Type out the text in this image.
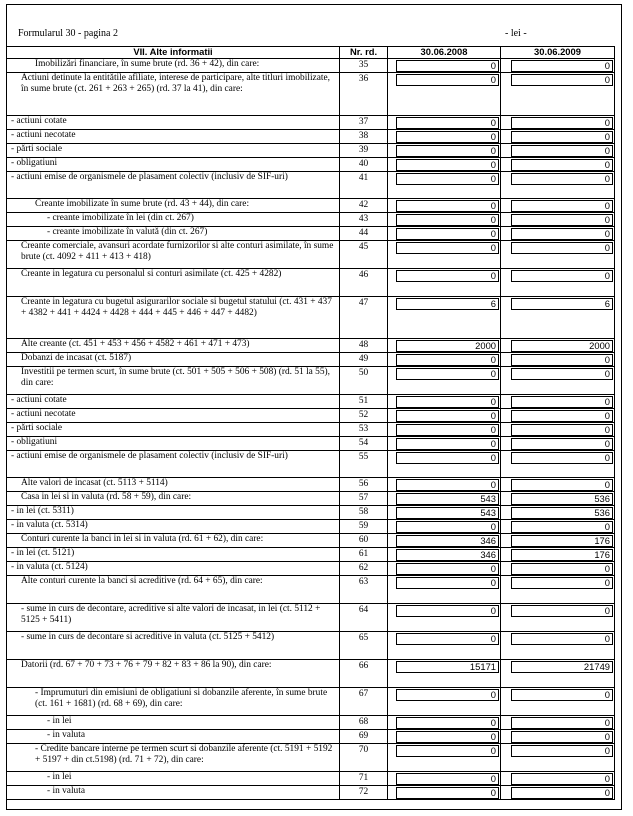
Formularul 30 - pagina 2	- lei -
VII. Alte informatii	Nr. rd.	30.06.2008	30.06.2009
Imobilizări financiare, în sume brute (rd. 36 + 42), din care:	35	0	0

Actiuni detinute la entitătile afiliate, interese de participare, alte titluri imobilizate, în sume brute (ct. 261 + 263 + 265) (rd. 37 la 41), din care:	36	0	0

- actiuni cotate	37	0	0

- actiuni necotate	38	0	0

- părti sociale	39	0	0

- obligatiuni	40	0	0

- actiuni emise de organismele de plasament colectiv (inclusiv de SIF-uri)	41	0	0

Creante imobilizate în sume brute (rd. 43 + 44), din care:	42	0	0

- creante imobilizate în lei (din ct. 267)	43	0	0

- creante imobilizate în valută (din ct. 267)	44	0	0

Creante comerciale, avansuri acordate furnizorilor si alte conturi asimilate, în sume brute (ct. 4092 + 411 + 413 + 418)	45	0	0

Creante in legatura cu personalul si conturi asimilate (ct. 425 + 4282)	46	0	0

Creante in legatura cu bugetul asigurarilor sociale si bugetul statului (ct. 431 + 437 + 4382 + 441 + 4424 + 4428 + 444 + 445 + 446 + 447 + 4482)	47	6	6

Alte creante (ct. 451 + 453 + 456 + 4582 + 461 + 471 + 473)	48	2000	2000

Dobanzi de incasat (ct. 5187)	49	0	0

Investitii pe termen scurt, în sume brute (ct. 501 + 505 + 506 + 508) (rd. 51 la 55), din care:	50	0	0

- actiuni cotate	51	0	0

- actiuni necotate	52	0	0

- părti sociale	53	0	0

- obligatiuni	54	0	0

- actiuni emise de organismele de plasament colectiv (inclusiv de SIF-uri)	55	0	0

Alte valori de incasat (ct. 5113 + 5114)	56	0	0

Casa in lei si in valuta (rd. 58 + 59), din care:	57	543	536

- in lei (ct. 5311)	58	543	536

- in valuta (ct. 5314)	59	0	0

Conturi curente la banci in lei si in valuta (rd. 61 + 62), din care:	60	346	176

- in lei (ct. 5121)	61	346	176

- in valuta (ct. 5124)	62	0	0

Alte conturi curente la banci si acreditive (rd. 64 + 65), din care:	63	0	0

- sume in curs de decontare, acreditive si alte valori de incasat, in lei (ct. 5112 + 5125 + 5411)	64	0	0

- sume in curs de decontare si acreditive in valuta (ct. 5125 + 5412)	65	0	0

Datorii (rd. 67 + 70 + 73 + 76 + 79 + 82 + 83 + 86 la 90), din care:	66	15171	21749

- Imprumuturi din emisiuni de obligatiuni si dobanzile aferente, în sume brute (ct. 161 + 1681) (rd. 68 + 69), din care:	67	0	0

- in lei	68	0	0

- in valuta	69	0	0

- Credite bancare interne pe termen scurt si dobanzile aferente (ct. 5191 + 5192 + 5197 + din ct.5198) (rd. 71 + 72), din care:	70	0	0

- in lei	71	0	0

- in valuta	72	0	0
